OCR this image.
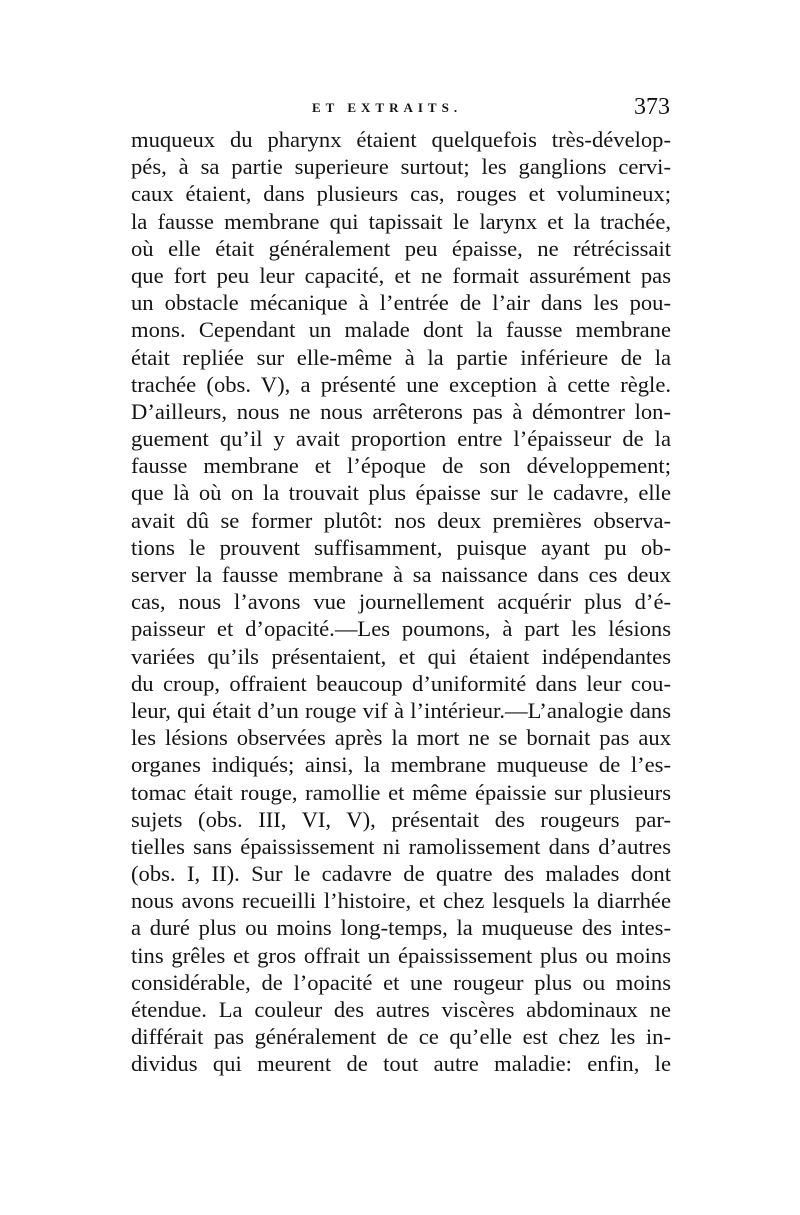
ET EXTRAITS.	373
muqueux du pharynx étaient quelquefois très-dévelop-
pés, à sa partie superieure surtout; les ganglions cervi-
caux étaient, dans plusieurs cas, rouges et volumineux;
la fausse membrane qui tapissait le larynx et la trachée,
où elle était généralement peu épaisse, ne rétrécissait
que fort peu leur capacité, et ne formait assurément pas
un obstacle mécanique à l’entrée de l’air dans les pou-
mons. Cependant un malade dont la fausse membrane
était repliée sur elle-même à la partie inférieure de la
trachée (obs. V), a présenté une exception à cette règle.
D’ailleurs, nous ne nous arrêterons pas à démontrer lon-
guement qu’il y avait proportion entre l’épaisseur de la
fausse membrane et l’époque de son développement;
que là où on la trouvait plus épaisse sur le cadavre, elle
avait dû se former plutôt: nos deux premières observa-
tions le prouvent suffisamment, puisque ayant pu ob-
server la fausse membrane à sa naissance dans ces deux
cas, nous l’avons vue journellement acquérir plus d’é-
paisseur et d’opacité.—Les poumons, à part les lésions
variées qu’ils présentaient, et qui étaient indépendantes
du croup, offraient beaucoup d’uniformité dans leur cou-
leur, qui était d’un rouge vif à l’intérieur.—L’analogie dans
les lésions observées après la mort ne se bornait pas aux
organes indiqués; ainsi, la membrane muqueuse de l’es-
tomac était rouge, ramollie et même épaissie sur plusieurs
sujets (obs. III, VI, V), présentait des rougeurs par-
tielles sans épaississement ni ramolissement dans d’autres
(obs. I, II). Sur le cadavre de quatre des malades dont
nous avons recueilli l’histoire, et chez lesquels la diarrhée
a duré plus ou moins long-temps, la muqueuse des intes-
tins grêles et gros offrait un épaississement plus ou moins
considérable, de l’opacité et une rougeur plus ou moins
étendue. La couleur des autres viscères abdominaux ne
différait pas généralement de ce qu’elle est chez les in-
dividus qui meurent de tout autre maladie: enfin, le
